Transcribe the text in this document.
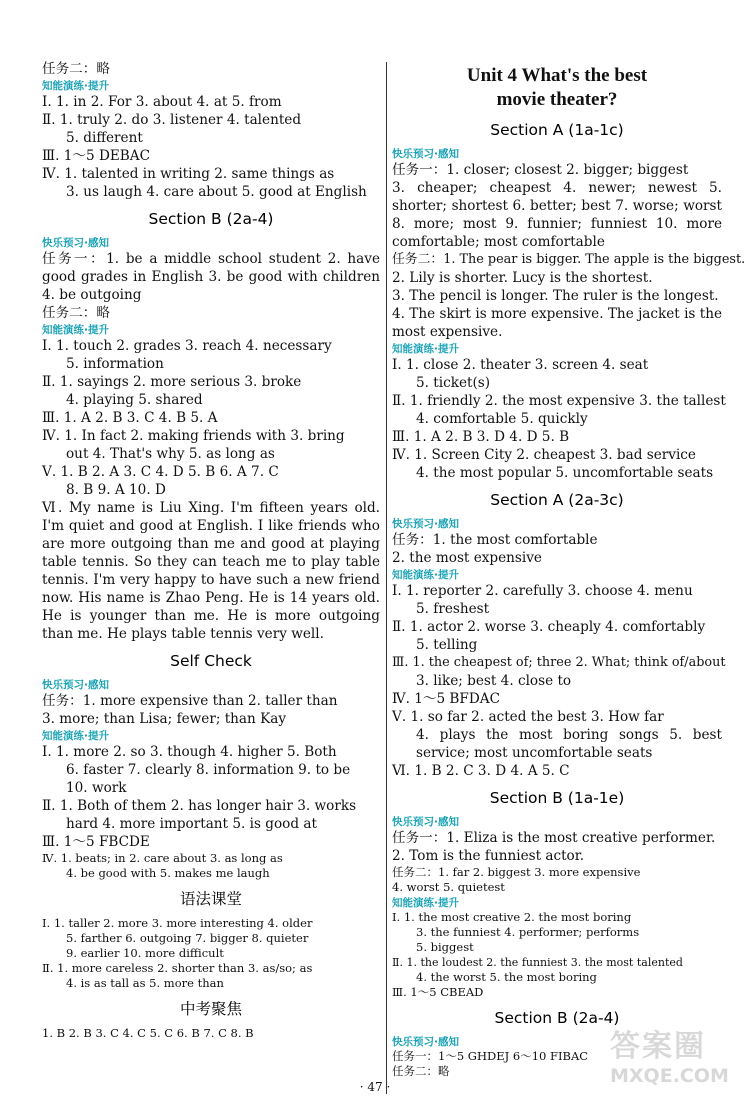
任务二：略
知能演练·提升
Ⅰ. 1. in 2. For 3. about 4. at 5. from
Ⅱ. 1. truly 2. do 3. listener 4. talented
5. different
Ⅲ. 1～5 DEBAC
Ⅳ. 1. talented in writing 2. same things as
3. us laugh 4. care about 5. good at English
Section B (2a-4)
快乐预习·感知
任务一：1. be a middle school student 2. have good grades in English 3. be good with children 4. be outgoing
任务二：略
知能演练·提升
Ⅰ. 1. touch 2. grades 3. reach 4. necessary
5. information
Ⅱ. 1. sayings 2. more serious 3. broke
4. playing 5. shared
Ⅲ. 1. A 2. B 3. C 4. B 5. A
Ⅳ. 1. In fact 2. making friends with 3. bring
out 4. That's why 5. as long as
Ⅴ. 1. B 2. A 3. C 4. D 5. B 6. A 7. C
8. B 9. A 10. D
Ⅵ. My name is Liu Xing. I'm fifteen years old. I'm quiet and good at English. I like friends who are more outgoing than me and good at playing table tennis. So they can teach me to play table tennis. I'm very happy to have such a new friend now. His name is Zhao Peng. He is 14 years old. He is younger than me. He is more outgoing than me. He plays table tennis very well.
Self Check
快乐预习·感知
任务：1. more expensive than 2. taller than
3. more; than Lisa; fewer; than Kay
知能演练·提升
Ⅰ. 1. more 2. so 3. though 4. higher 5. Both
6. faster 7. clearly 8. information 9. to be
10. work
Ⅱ. 1. Both of them 2. has longer hair 3. works
hard 4. more important 5. is good at
Ⅲ. 1～5 FBCDE
Ⅳ. 1. beats; in 2. care about 3. as long as
4. be good with 5. makes me laugh
语法课堂
Ⅰ. 1. taller 2. more 3. more interesting 4. older
5. farther 6. outgoing 7. bigger 8. quieter
9. earlier 10. more difficult
Ⅱ. 1. more careless 2. shorter than 3. as/so; as
4. is as tall as 5. more than
中考聚焦
1. B 2. B 3. C 4. C 5. C 6. B 7. C 8. B
Unit 4 What's the best
movie theater?
Section A (1a-1c)
快乐预习·感知
任务一：1. closer; closest 2. bigger; biggest
3. cheaper; cheapest 4. newer; newest 5. shorter; shortest 6. better; best 7. worse; worst 8. more; most 9. funnier; funniest 10. more comfortable; most comfortable
任务二：1. The pear is bigger. The apple is the biggest.
2. Lily is shorter. Lucy is the shortest.
3. The pencil is longer. The ruler is the longest.
4. The skirt is more expensive. The jacket is the most expensive.
知能演练·提升
Ⅰ. 1. close 2. theater 3. screen 4. seat
5. ticket(s)
Ⅱ. 1. friendly 2. the most expensive 3. the tallest
4. comfortable 5. quickly
Ⅲ. 1. A 2. B 3. D 4. D 5. B
Ⅳ. 1. Screen City 2. cheapest 3. bad service
4. the most popular 5. uncomfortable seats
Section A (2a-3c)
快乐预习·感知
任务：1. the most comfortable
2. the most expensive
知能演练·提升
Ⅰ. 1. reporter 2. carefully 3. choose 4. menu
5. freshest
Ⅱ. 1. actor 2. worse 3. cheaply 4. comfortably
5. telling
Ⅲ. 1. the cheapest of; three 2. What; think of/about
3. like; best 4. close to
Ⅳ. 1～5 BFDAC
Ⅴ. 1. so far 2. acted the best 3. How far
4. plays the most boring songs 5. best service; most uncomfortable seats
Ⅵ. 1. B 2. C 3. D 4. A 5. C
Section B (1a-1e)
快乐预习·感知
任务一：1. Eliza is the most creative performer.
2. Tom is the funniest actor.
任务二：1. far 2. biggest 3. more expensive
4. worst 5. quietest
知能演练·提升
Ⅰ. 1. the most creative 2. the most boring
3. the funniest 4. performer; performs
5. biggest
Ⅱ. 1. the loudest 2. the funniest 3. the most talented
4. the worst 5. the most boring
Ⅲ. 1～5 CBEAD
Section B (2a-4)
快乐预习·感知
任务一：1～5 GHDEJ 6～10 FIBAC
任务二：略
答案圈
MXQE.COM
· 47 ·
